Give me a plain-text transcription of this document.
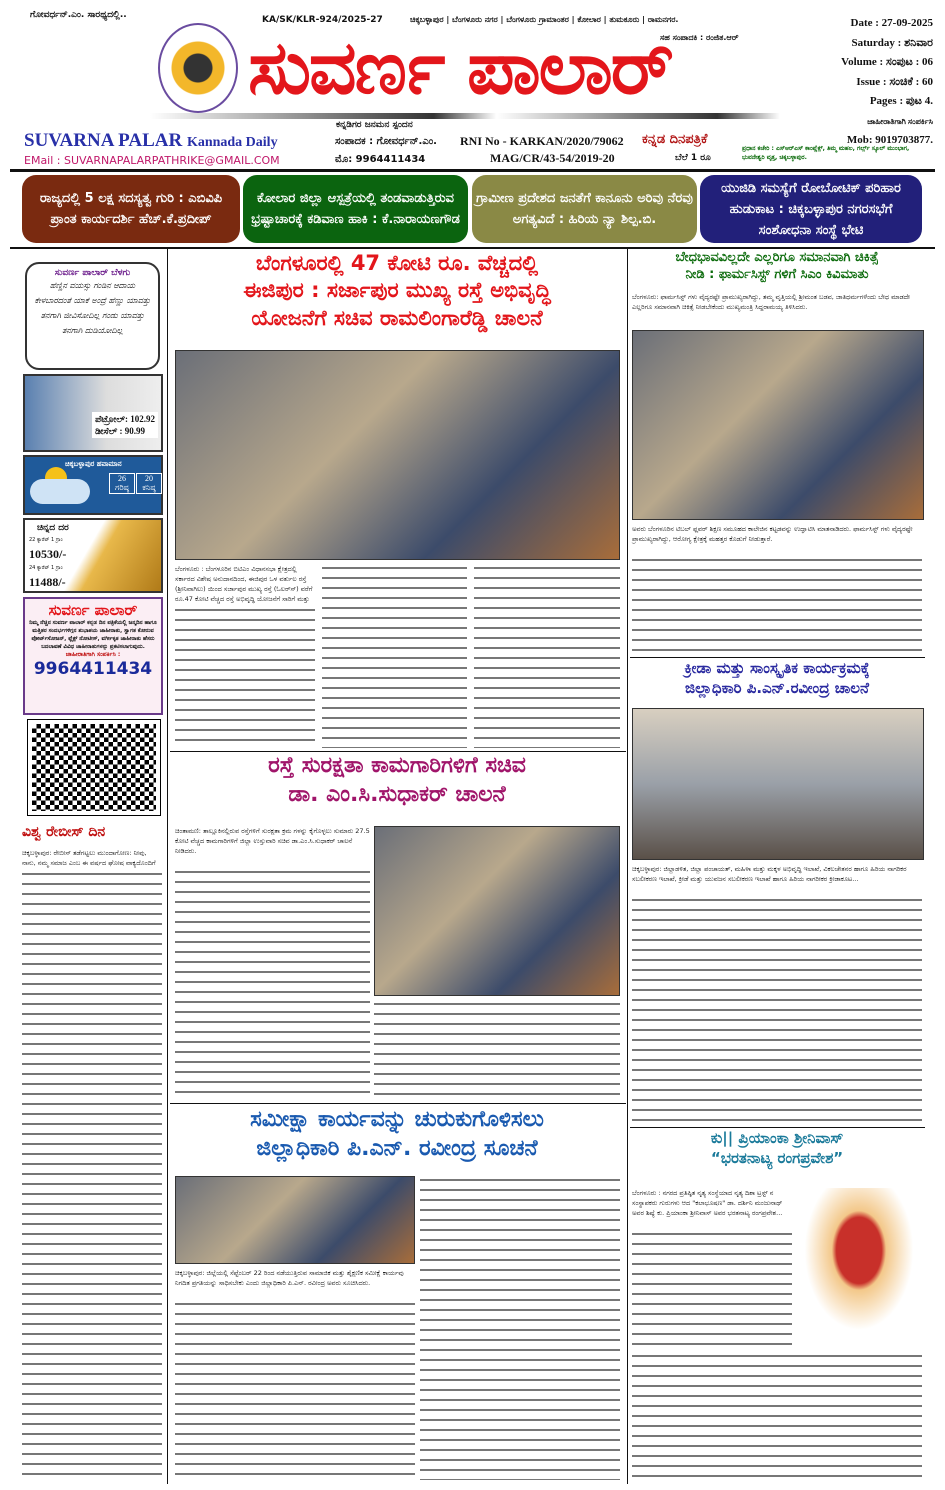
ಗೋವರ್ಧನ್.ಎಂ. ಸಾರಥ್ಯದಲ್ಲಿ..	KA/SK/KLR-924/2025-27	ಚಿಕ್ಕಬಳ್ಳಾಪುರ | ಬೆಂಗಳೂರು ನಗರ | ಬೆಂಗಳೂರು ಗ್ರಾಮಾಂತರ | ಕೋಲಾರ | ತುಮಕೂರು | ರಾಮನಗರ.
ಸಹ ಸಂಪಾದಕಿ : ರಂಜಿತ.ಆರ್
ಸುವರ್ಣ ಪಾಲಾರ್
ಕನ್ನಡಿಗರ ಜನಮನ ಸ್ಪಂದನ
SUVARNA PALAR Kannada Daily
EMail : SUVARNAPALARPATHRIKE@GMAIL.COM
ಸಂಪಾದಕ : ಗೋವರ್ಧನ್.ಎಂ.
ಮೊ: 9964411434
RNI No - KARKAN/2020/79062
MAG/CR/43-54/2019-20
ಕನ್ನಡ ದಿನಪತ್ರಿಕೆ
ಬೆಲೆ 1 ರೂ
ಪ್ರಧಾನ ಕಚೇರಿ : ಎಸ್‌ಆರ್‌ಎಸ್ ಕಾಂಪ್ಲೆಕ್ಸ್, ತಿಮ್ಮ ಮಹಲ, ಗರ್ಲ್ಸ್ ಸ್ಕೂಲ್ ಮುಂಭಾಗ, ಭುವನೇಶ್ವರಿ ವೃತ್ತ, ಚಿಕ್ಕಬಳ್ಳಾಪುರ.
Date : 27-09-2025
Saturday : ಶನಿವಾರ
Volume : ಸಂಪುಟ : 06
Issue : ಸಂಚಿಕೆ : 60
Pages : ಪುಟ 4.
ಜಾಹೀರಾತಿಗಾಗಿ ಸಂಪರ್ಕಿಸಿ
Mob: 9019703877.
ರಾಜ್ಯದಲ್ಲಿ 5 ಲಕ್ಷ ಸದಸ್ಯತ್ವ ಗುರಿ : ಎಬಿವಿಪಿ ಪ್ರಾಂತ ಕಾರ್ಯದರ್ಶಿ ಹೆಚ್.ಕೆ.ಪ್ರದೀಪ್
ಕೋಲಾರ ಜಿಲ್ಲಾ ಆಸ್ಪತ್ರೆಯಲ್ಲಿ ತಂಡವಾಡುತ್ತಿರುವ ಭ್ರಷ್ಟಾಚಾರಕ್ಕೆ ಕಡಿವಾಣ ಹಾಕಿ : ಕೆ.ನಾರಾಯಣಗೌಡ
ಗ್ರಾಮೀಣ ಪ್ರದೇಶದ ಜನತೆಗೆ ಕಾನೂನು ಅರಿವು ನೆರವು ಅಗತ್ಯವಿದೆ : ಹಿರಿಯ ನ್ಯಾ ಶಿಲ್ಪ.ಬಿ.
ಯುಜಿಡಿ ಸಮಸ್ಯೆಗೆ ರೋಬೋಟಿಕ್ ಪರಿಹಾರ ಹುಡುಕಾಟ : ಚಿಕ್ಕಬಳ್ಳಾಪುರ ನಗರಸಭೆಗೆ ಸಂಶೋಧನಾ ಸಂಸ್ಥೆ ಭೇಟಿ
ಸುವರ್ಣ ಪಾಲಾರ್ ಬೆಳಗು
ಹೆಣ್ಣಿನ ವಯಸ್ಸು ಗಂಡಿನ ಆದಾಯ ಕೇಳಬಾರದಂತೆ ಯಾಕೆ ಅಂದ್ರೆ ಹೆಣ್ಣು ಯಾವತ್ತು ತನಗಾಗಿ ಜೀವಿಸೋದಿಲ್ಲ ಗಂಡು ಯಾವತ್ತು ತನಗಾಗಿ ದುಡಿಯೋದಿಲ್ಲ
ಪೆಟ್ರೋಲ್: 102.92
ಡೀಸೆಲ್ : 90.99
ಚಿಕ್ಕಬಳ್ಳಾಪುರ ಹವಾಮಾನ
26
ಗರಿಷ್ಠ
20
ಕನಿಷ್ಠ
ಚಿನ್ನದ ದರ
22 ಕ್ಯಾರೆಟ್ 1 ಗ್ರಾಂ
10530/-
24 ಕ್ಯಾರೆಟ್ 1 ಗ್ರಾಂ
11488/-
ಸುವರ್ಣ ಪಾಲಾರ್
ನಿಮ್ಮ ನೆಚ್ಚಿನ ಸುವರ್ಣ ಪಾಲಾರ್ ಕನ್ನಡ ದಿನ ಪತ್ರಿಕೆಯಲ್ಲಿ ಜನ್ಮದಿನ ಹಾಗೂ ಮತ್ತಿತರ ಸಂದರ್ಭಗಳಿಗ್ಗನ ಶುಭಾಶಯ ಜಾಹೀರಾತು, ಸ್ವಾಗತ ಕೋರುವ ಪೋರ್ಟ್‌ಸೋಜನ್, ಫ್ಲೆಕ್ಸ್ ನೋಟೀಸ್, ವರ್ಗೀಕೃತ ಜಾಹೀರಾತು ಹೆಸರು ಬದಲಾವಣೆ ವಿವಿಧ ಜಾಹೀರಾತುಗಳನ್ನು ಪ್ರಕಟಿಸಲಾಗುವುದು.
ಜಾಹೀರಾತಿಗಾಗಿ ಸಂಪರ್ಕಿಸಿ :
9964411434
ವಿಶ್ವ ರೇಬೀಸ್ ದಿನ
ಚಿಕ್ಕಬಳ್ಳಾಪುರ: ರೇಬೀಸ್ ತಡೆಗಟ್ಟಲು ಮುಂದಾಗೋಣ: ನೀವು, ನಾನು, ನಮ್ಮ ಸಮಾಜ ಎಂಬ ಈ ವರ್ಷದ ಘೋಷ ವಾಕ್ಯದೊಂದಿಗೆ
ಬೆಂಗಳೂರಲ್ಲಿ 47 ಕೋಟಿ ರೂ. ವೆಚ್ಚದಲ್ಲಿ
ಈಜಿಪುರ : ಸರ್ಜಾಪುರ ಮುಖ್ಯ ರಸ್ತೆ ಅಭಿವೃದ್ಧಿ
ಯೋಜನೆಗೆ ಸಚಿವ ರಾಮಲಿಂಗಾರೆಡ್ಡಿ ಚಾಲನೆ
ಬೆಂಗಳೂರು : ಬೆಂಗಳೂರಿನ ಬಿಟಿಎಂ ವಿಧಾನಸಭಾ ಕ್ಷೇತ್ರದಲ್ಲಿ ಸರ್ಕಾರದ ವಿಶೇಷ ಅನುದಾನದಿಂದ, ಈಜಿಪುರ ಒಳ ವರ್ತುಲ ರಸ್ತೆ (ಶ್ರೀನಿವಾಗಿಲು) ಯಿಂದ ಸರ್ಜಾಪುರ ಮುಖ್ಯ ರಸ್ತೆ (ಓಲರ್‌ಸ್) ವರೆಗೆ ರೂ.47 ಕೋಟಿ ವೆಚ್ಚದ ರಸ್ತೆ ಅಭಿವೃದ್ಧಿ ಯೋಜನೆಗೆ ಸಾರಿಗೆ ಮತ್ತು
ರಸ್ತೆ ಸುರಕ್ಷತಾ ಕಾಮಗಾರಿಗಳಿಗೆ ಸಚಿವ
ಡಾ. ಎಂ.ಸಿ.ಸುಧಾಕರ್ ಚಾಲನೆ
ಚಿಂತಾಮಣಿ: ತಾಲ್ಲೂಕಿನಲ್ಲಿರುವ ರಸ್ತೆಗಳಿಗೆ ಸುರಕ್ಷತಾ ಕ್ರಮ ಗಳನ್ನು ಕೈಗೊಳ್ಳಲು ಸುಮಾರು 27.5 ಕೋಟಿ ವೆಚ್ಚದ ಕಾಮಗಾರಿಗಳಿಗೆ ಜಿಲ್ಲಾ ಉಸ್ತುವಾರಿ ಸಚಿವ ಡಾ.ಎಂ.ಸಿ.ಸುಧಾಕರ್ ಚಾಲನೆ ನೀಡಿದರು.
ಸಮೀಕ್ಷಾ ಕಾರ್ಯವನ್ನು ಚುರುಕುಗೊಳಿಸಲು
ಜಿಲ್ಲಾಧಿಕಾರಿ ಪಿ.ಎನ್. ರವೀಂದ್ರ ಸೂಚನೆ
ಚಿಕ್ಕಬಳ್ಳಾಪುರ: ಜಿಲ್ಲೆಯಲ್ಲಿ ಸೆಪ್ಟೆಂಬರ್ 22 ರಿಂದ ನಡೆಯುತ್ತಿರುವ ಸಾಮಾಜಿಕ ಮತ್ತು ಶೈಕ್ಷಣಿಕ ಸಮೀಕ್ಷೆ ಕಾರ್ಯವು ನಿಗದಿತ ಪ್ರಗತಿಯನ್ನು ಸಾಧಿಸಬೇಕು ಎಂದು ಜಿಲ್ಲಾಧಿಕಾರಿ ಪಿ.ಎನ್. ರವೀಂದ್ರ ಅವರು ಸೂಚಿಸಿದರು.
ಬೇಧಭಾವವಿಲ್ಲದೇ ಎಲ್ಲರಿಗೂ ಸಮಾನವಾಗಿ ಚಿಕಿತ್ಸೆ
ನೀಡಿ : ಫಾರ್ಮಸಿಸ್ಟ್ ಗಳಿಗೆ ಸಿಎಂ ಕಿವಿಮಾತು
ಬೆಂಗಳೂರು: ಫಾರ್ಮಸಿಸ್ಟ್ ಗಳು ವೈದ್ಯರಷ್ಟೇ ಪ್ರಾಮುಖ್ಯರಾಗಿದ್ದು, ತಮ್ಮ ವೃತ್ತಿಯಲ್ಲಿ ಶ್ರೀಮಂತ ಬಡವ, ಜಾತಿಧರ್ಮಗಳೆಂದು ಬೇಧ ಮಾಡದೇ ಎಲ್ಲರಿಗೂ ಸಮಾನವಾಗಿ ಚಿಕಿತ್ಸೆ ನೀಡಬೇಕೆಂದು ಮುಖ್ಯಮಂತ್ರಿ ಸಿದ್ದರಾಮಯ್ಯ ತಿಳಿಸಿದರು.
ಅವರು ಬೆಂಗಳೂರಿನ ಟಿಬಲ್ ಫ್ಲವರ್ ಶಿಕ್ಷಣ ಸಮೂಹದ ಕಾಲೇಜಿನ ಕಟ್ಟಡವನ್ನು ಉದ್ಘಾಟಿಸಿ ಮಾತನಾಡಿದರು. ಫಾರ್ಮಸಿಸ್ಟ್ ಗಳು ವೈದ್ಯರಷ್ಟೇ ಪ್ರಾಮುಖ್ಯರಾಗಿದ್ದು, ಆರೋಗ್ಯ ಕ್ಷೇತ್ರಕ್ಕೆ ಮಹತ್ತರ ಕೊಡುಗೆ ನೀಡುತ್ತಾರೆ.
ಕ್ರೀಡಾ ಮತ್ತು ಸಾಂಸ್ಕೃತಿಕ ಕಾರ್ಯಕ್ರಮಕ್ಕೆ
ಜಿಲ್ಲಾಧಿಕಾರಿ ಪಿ.ಎನ್.ರವೀಂದ್ರ ಚಾಲನೆ
ಚಿಕ್ಕಬಳ್ಳಾಪುರ: ಜಿಲ್ಲಾಡಳಿತ, ಜಿಲ್ಲಾ ಪಂಚಾಯತ್, ಮಹಿಳಾ ಮತ್ತು ಮಕ್ಕಳ ಅಭಿವೃದ್ಧಿ ಇಲಾಖೆ, ವಿಕಲಚೇತನರ ಹಾಗೂ ಹಿರಿಯ ನಾಗರಿಕರ ಸಬಲೀಕರಣ ಇಲಾಖೆ, ಕ್ರೀಡೆ ಮತ್ತು ಯುವಜನ ಸಬಲೀಕರಣ ಇಲಾಖೆ ಹಾಗೂ ಹಿರಿಯ ನಾಗರೀಕರ ಕ್ರೀಡಾಕೂಟ...
ಕು|| ಪ್ರಿಯಾಂಕಾ ಶ್ರೀನಿವಾಸ್
“ಭರತನಾಟ್ಯ ರಂಗಪ್ರವೇಶ”
ಬೆಂಗಳೂರು : ನಗರದ ಪ್ರತಿಷ್ಠಿತ ನೃತ್ಯ ಸಂಸ್ಥೆಯಾದ ನೃತ್ಯ ದಿಶಾ ಟ್ರಸ್ಟ್ ನ ಸಂಸ್ಥಾಪಕರು ಗುರುಗಳು ಆದ "ಕಲಾಭೂಷಣ" ಡಾ. ದರ್ಶಿನಿ ಮಂಜುನಾಥ್ ಅವರ ಶಿಷ್ಯೆ ಕು. ಪ್ರಿಯಾಂಕಾ ಶ್ರೀನಿವಾಸ್ ಅವರ ಭರತನಾಟ್ಯ ರಂಗಪ್ರವೇಶ...
